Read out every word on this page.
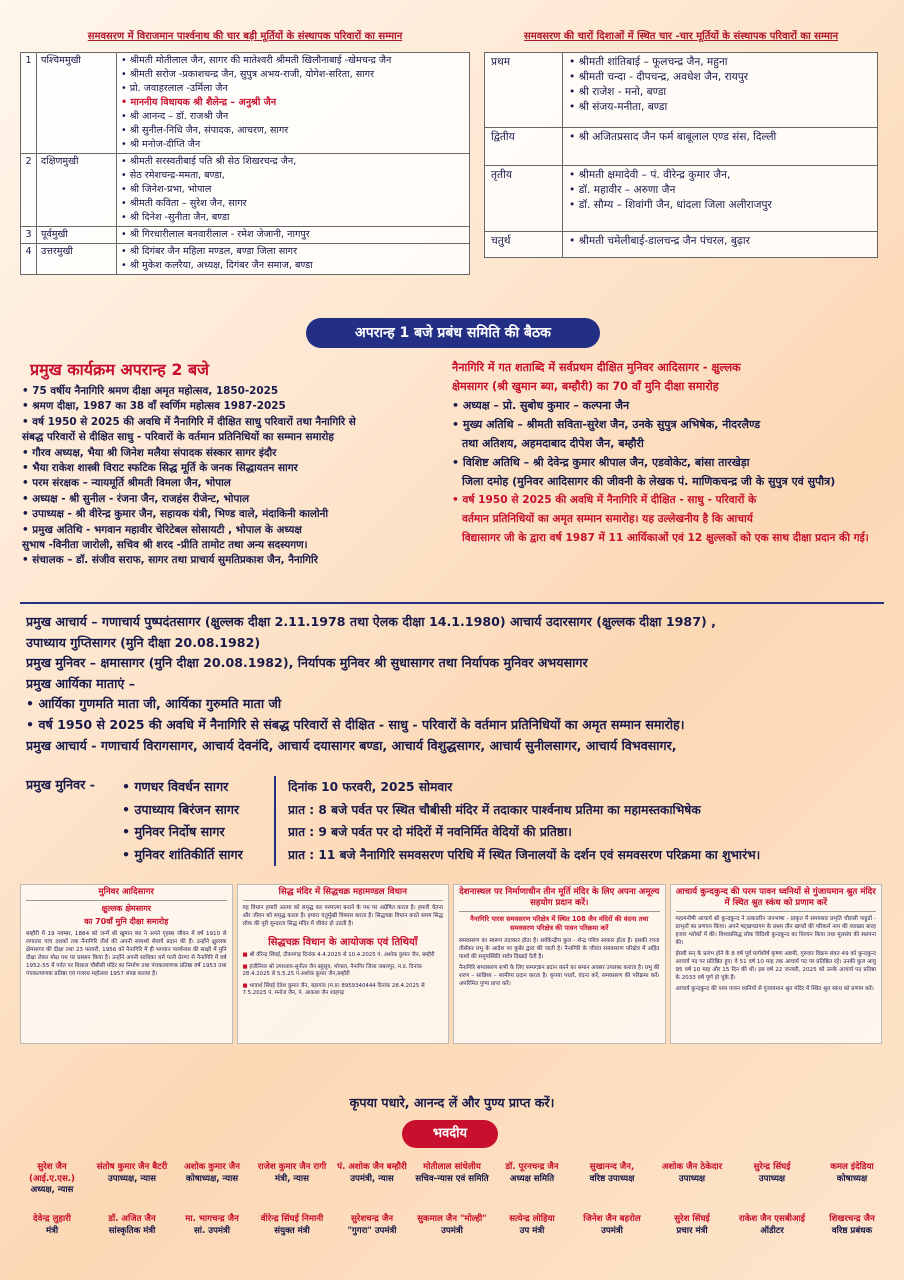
समवसरण में विराजमान पार्श्वनाथ की चार बड़ी मूर्तियों के संस्थापक परिवारों का सम्मान
1	पश्चिममुखी	
•श्रीमती मोतीलाल जैन, सागर की मातेश्वरी श्रीमती खिलौनाबाई -खेमचन्द्र जैन
• श्रीमती सरोज -प्रकाशचन्द्र जैन, सुपुत्र अभय-राजी, योगेश-सरिता, सागर
• प्रो. जवाहरलाल -उर्मिला जैन
• माननीय विधायक श्री शैलेन्द्र – अनुश्री जैन
• श्री आनन्द – डॉ. राजश्री जैन
• श्री सुनील-निधि जैन, संपादक, आचरण, सागर
• श्री मनोज-दीप्ति जैन

2	दक्षिणमुखी	
•श्रीमती सरस्वतीबाई पति श्री सेठ शिखरचन्द्र जैन,
• सेठ रमेशचन्द्र-ममता, बण्डा,
• श्री जिनेश-प्रभा, भोपाल
• श्रीमती कविता – सुरेश जैन, सागर
• श्री दिनेश -सुनीता जैन, बण्डा

3	पूर्वमुखी	
•श्री गिरधारीलाल बनवारीलाल - रमेश जेजानी, नागपुर

4	उत्तरमुखी	
•श्री दिगंबर जैन महिला मण्डल, बण्डा जिला सागर
• श्री मुकेश कलरैया, अध्यक्ष, दिगंबर जैन समाज, बण्डा
समवसरण की चारों दिशाओं में स्थित चार -चार मूर्तियों के संस्थापक परिवारों का सम्मान
प्रथम	
•श्रीमती शांतिबाई – फूलचन्द्र जैन, महुना
• श्रीमती चन्दा - दीपचन्द्र, अवधेश जैन, रायपुर
• श्री राजेश - मनो, बण्डा
• श्री संजय-मनीता, बण्डा

द्वितीय	
•श्री अजितप्रसाद जैन फर्म बाबूलाल एण्ड संस, दिल्ली

तृतीय	
•श्रीमती क्षमादेवी – पं. वीरेन्द्र कुमार जैन,
• डॉ. महावीर – अरुणा जैन
• डॉ. सौम्य – शिवांगी जैन, धांदला जिला अलीराजपुर

चतुर्थ	
•श्रीमती चमेलीबाई-डालचन्द्र जैन पंचरल, बुढ़ार
अपरान्ह 1 बजे प्रबंध समिति की बैठक
प्रमुख कार्यक्रम अपरान्ह 2 बजे
• 75 वर्षीय नैनागिरि श्रमण दीक्षा अमृत महोत्सव, 1850-2025
• श्रमण दीक्षा, 1987 का 38 वाँ स्वर्णिम महोत्सव 1987-2025
• वर्ष 1950 से 2025 की अवधि में नैनागिरि में दीक्षित साधु परिवारों तथा नैनागिरि से
संबद्ध परिवारों से दीक्षित साधु - परिवारों के वर्तमान प्रतिनिधियों का सम्मान समारोह
• गौरव अध्यक्ष, भैया श्री जिनेश मलैया संपादक संस्कार सागर इंदौर
• भैया राकेश शास्त्री विराट स्फटिक सिद्ध मूर्ति के जनक सिद्धायतन सागर
• परम संरक्षक – न्यायमूर्ति श्रीमती विमला जैन, भोपाल
• अध्यक्ष - श्री सुनील - रंजना जैन, राजहंस रीजेन्ट, भोपाल
• उपाध्यक्ष - श्री वीरेन्द्र कुमार जैन, सहायक यंत्री, भिण्ड वाले, मंदाकिनी कालोनी
• प्रमुख अतिथि - भगवान महावीर चेरिटेबल सोसायटी , भोपाल के अध्यक्ष
सुभाष -विनीता जारोली, सचिव श्री शरद -प्रीति तामोट तथा अन्य सदस्यगण।
• संचालक – डॉ. संजीव सराफ, सागर तथा प्राचार्य सुमतिप्रकाश जैन, नैनागिरि
नैनागिरि में गत शताब्दि में सर्वप्रथम दीक्षित मुनिवर आदिसागर - क्षुल्लक
क्षेमसागर (श्री खुमान ब्या, बम्हौरी) का 70 वाँ मुनि दीक्षा समारोह
• अध्यक्ष – प्रो. सुबोध कुमार – कल्पना जैन
• मुख्य अतिथि – श्रीमती सविता-सुरेश जैन, उनके सुपुत्र अभिषेक, नीदरलैण्ड
तथा अतिशय, अहमदाबाद दीपेश जैन, बम्हौरी
• विशिष्ट अतिथि – श्री देवेन्द्र कुमार श्रीपाल जैन, एडवोकेट, बांसा तारखेड़ा
जिला दमोह (मुनिवर आदिसागर की जीवनी के लेखक पं. माणिकचन्द्र जी के सुपुत्र एवं सुपौत्र)
• वर्ष 1950 से 2025 की अवधि में नैनागिरि में दीक्षित - साधु - परिवारों के
वर्तमान प्रतिनिधियों का अमृत सम्मान समारोह। यह उल्लेखनीय है कि आचार्य
विद्यासागर जी के द्वारा वर्ष 1987 में 11 आर्यिकाओं एवं 12 क्षुल्लकों को एक साथ दीक्षा प्रदान की गई।
प्रमुख आचार्य – गणाचार्य पुष्पदंतसागर (क्षुल्लक दीक्षा 2.11.1978 तथा ऐलक दीक्षा 14.1.1980) आचार्य उदारसागर (क्षुल्लक दीक्षा 1987) ,
उपाध्याय गुप्तिसागर (मुनि दीक्षा 20.08.1982)
प्रमुख मुनिवर – क्षमासागर (मुनि दीक्षा 20.08.1982), निर्यापक मुनिवर श्री सुधासागर तथा निर्यापक मुनिवर अभयसागर
प्रमुख आर्यिका माताएं –
• आर्यिका गुणमति माता जी, आर्यिका गुरुमति माता जी
• वर्ष 1950 से 2025 की अवधि में नैनागिरि से संबद्ध परिवारों से दीक्षित - साधु - परिवारों के वर्तमान प्रतिनिधियों का अमृत सम्मान समारोह।
प्रमुख आचार्य - गणाचार्य विरागसागर, आचार्य देवनंदि, आचार्य दयासागर बण्डा, आचार्य विशुद्धसागर, आचार्य सुनीलसागर, आचार्य विभवसागर,
प्रमुख मुनिवर -
•	गणधर विवर्धन सागर
• उपाध्याय बिरंजन सागर
• मुनिवर निर्दोष सागर
• मुनिवर शांतिकीर्ति सागर
दिनांक 10 फरवरी, 2025 सोमवार
प्रात : 8 बजे पर्वत पर स्थित चौबीसी मंदिर में तदाकार पार्श्वनाथ प्रतिमा का महामस्तकाभिषेक
प्रात : 9 बजे पर्वत पर दो मंदिरों में नवनिर्मित वेदियों की प्रतिष्ठा।
प्रात : 11 बजे नैनागिरि समवसरण परिधि में स्थित जिनालयों के दर्शन एवं समवसरण परिक्रमा का शुभारंभ।
मुनिवर आदिसागर
क्षुल्लक क्षेमसागर
का 70वाँ मुनि दीक्षा समारोह

बम्हौरी में 19 नवम्बर, 1884 को जन्में श्री खुमान ब्या ने अपने गृहस्थ जीवन में वर्ष 1910 से लगातार पांच दशकों तक नैनागिरि तीर्थ की अपनी सामर्थ्य सेवायें प्रदान की हैं। उन्होंने क्षुल्लक क्षेमसागर की दीक्षा तथा 23 फरवरी, 1956 को नैनागिरि में ही भगवान पार्श्वनाथ की साक्षी में मुनि दीक्षा लेकर मोक्ष पथ पर प्रस्थान किया है। उन्होंने अपनी साधिका धर्म पत्नी प्रेरणा से नैनागिरि में वर्ष 1952-55 में पर्वत पर विशाल चौबीसी मंदिर का निर्माण तथा पंचकल्याणक प्रतिष्ठा वर्ष 1953 तथा पंचकल्याणक प्रतिष्ठा एवं गजरथ महोत्सव 1957 संपन्न कराया है।

सिद्ध मंदिर में सिद्धचक्र महामण्डल विधान

यह विधान हमारी आत्मा को समृद्ध कर परमात्मा बनाने के पथ पर अग्रेषित करता है। हमारी चेतना और जीवन को समृद्ध करता है। हमारा चतुर्मुखी विकास करता है। सिद्धचक्र विधान करते समय सिद्ध लोक की पूरी सुन्दरता सिद्ध मंदिर में जीवंत हो उठती है।

सिद्धचक्र विधान के आयोजक एवं तिथियाँ
■ श्री वीरेन्द्र सिंघई, टीकमगढ़ दिनांक 4.4.2025 से 10.4.2025 पं. अशोक कुमार जैन, बम्हौरी
■ इंजीनियर श्री उपाध्याय-सुनीता जैन बहुसूत्र, भोपाल, नैनागिर जिला जबलपुर, म.प्र. दिनांक 28.4.2025 से 5.5.25 पं.अशोक कुमार जैन,बम्हौरी
■ भावार्थ सिंघई देवेश कुमार जैन, बड़ागांव (म.प्र) 8959340444 दिनांक 28.4.2025 से 7.5.2025 पं. मनोज जैन, पं. आकाश जैन शाहगढ़
देशनास्थल पर निर्माणाधीन तीन मूर्ति मंदिर के लिए अपना अमूल्य सहयोग प्रदान करें।
नैनागिरि पारस समवसरण परिक्षेत्र में स्थित 108 जैन मंदिरों की वंदना तथा समवसरण परिक्षेत्र की पावन परिक्रमा करें

समवसरण का स्वरूप तदाकार होता है। सर्वकेन्द्रीय कुल - शेन्द्र पवित्र साकार होता है। इसकी रचना तीर्थंकर प्रभु के आदेश पर कुबेर द्वारा की जाती है। नैनागिरि के जीवंत समवसरण परिक्षेत्र में अहिंत पार्श्व की समुपस्थिति सर्वत्र दिखाई देती है।

नैनागिरि समवसरण सभी के लिए सम्यग्ज्ञान प्रदान करने का समान अवसर उपलब्ध कराता है। प्रभु की शरण – सान्निध्य – सामीप्य प्रदान करता है। कृपया पधारें, वंदना करें, समवसरण की परिक्रमा करें। अपरिमित पुण्य प्राप्त करें।

आचार्य कुन्दकुन्द की परम पावन ध्वनियों से गुंजायमान श्रुत मंदिर में स्थित श्रुत स्कंध को प्रणाम करें

महामनीषी आचार्य श्री कुन्दकुन्द ने तत्कालीन जनभाषा - प्राकृत में समयसार प्रभृति चौरासी पाहुडों - प्राभृतों का प्रणयन किया। अपने षट्खण्डागम के प्रथम तीन खण्डों की परिकर्म नाम की व्याख्या बारह हजार श्लोकों में की। विश्वप्रसिद्ध लोक विदिशी कुन्दकुन्द का विरचन किया तथा मूलसंघ की स्थापना की।

ईसवी सन् के प्रारंभ होने के 8 वर्ष पूर्व मार्गशीर्ष कृष्णा अष्टमी, गुरुवार विक्रम संवत 49 को कुन्दकुन्द आचार्य पद पर प्रतिष्ठित हुए। वे 51 वर्ष 10 माह तक आचार्य पद पर प्रतिष्ठित रहे। उनकी कुल आयु 95 वर्ष 10 माह और 15 दिन की थी। इस वर्ष 22 जनवरी, 2025 को उनके आचार्य पद प्रतिष्ठा के 2033 वर्ष पूर्ण हो चुके हैं।

आचार्य कुन्दकुन्द की परम पावन ध्वनियों से गुंजायमान श्रुत मंदिर में स्थित श्रुत स्कंध को प्रणाम करें।

कृपया पधारे, आनन्द लें और पुण्य प्राप्त करें।
भवदीय
सुरेश जैन (आई.ए.एस.)
अध्यक्ष, न्यास
संतोष कुमार जैन बैटरी
उपाध्यक्ष, न्यास
अशोक कुमार जैन
कोषाध्यक्ष, न्यास
राजेश कुमार जैन रागी
मंत्री, न्यास
पं. अशोक जैन बम्हौरी
उपमंत्री, न्यास
मोतीलाल सांधेलीय
सचिव-न्यास एवं समिति
डॉ. पूरनचन्द्र जैन
अध्यक्ष समिति
सुखानन्द जैन,
वरिष्ठ उपाध्यक्ष
अशोक जैन ठेकेदार
उपाध्यक्ष
सुरेन्द्र सिंघई
उपाध्यक्ष
कमल इंदेडिया
कोषाध्यक्ष
देवेन्द्र लुहारी
मंत्री
डॉ. अजित जैन
सांस्कृतिक मंत्री
मा. भागचन्द्र जैन
सां. उपमंत्री
वीरेन्द्र सिंघई निमानी
संयुक्त मंत्री
सुरेशचन्द्र जैन
"गुगरा" उपमंत्री
सुकमाल जैन "मोल्ही"
उपमंत्री
सत्येन्द्र लोहिया
उप मंत्री
जिनेश जैन बहरोल
उपमंत्री
सुरेश सिंघई
प्रचार मंत्री
राकेश जैन एसबीआई
ऑडीटर
शिखरचन्द्र जैन
वरिष्ठ प्रबंधक
